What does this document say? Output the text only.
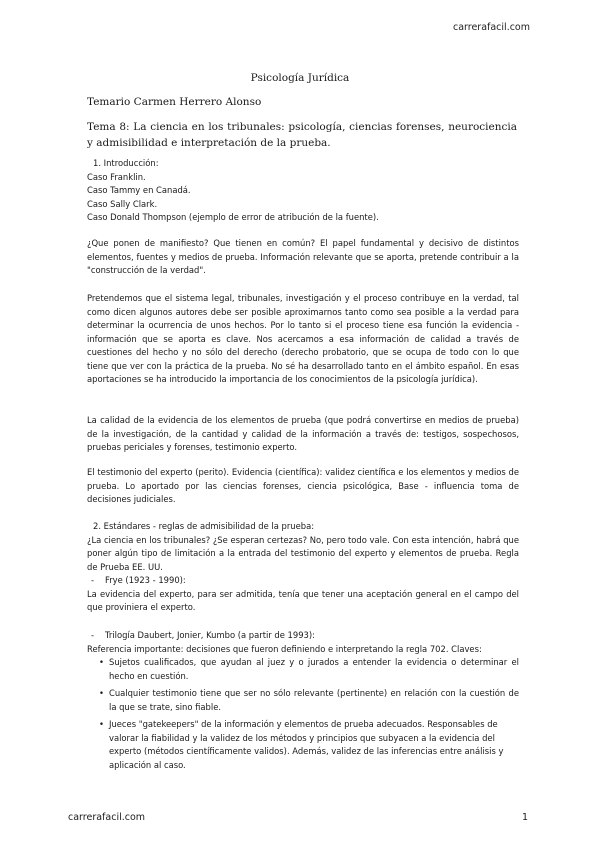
carrerafacil.com
Psicología Jurídica
Temario Carmen Herrero Alonso
Tema 8: La ciencia en los tribunales: psicología, ciencias forenses, neurociencia y admisibilidad e interpretación de la prueba.

1. Introducción:

Caso Franklin.

Caso Tammy en Canadá.

Caso Sally Clark.

Caso Donald Thompson (ejemplo de error de atribución de la fuente).

¿Que ponen de manifiesto? Que tienen en común? El papel fundamental y decisivo de distintos elementos, fuentes y medios de prueba. Información relevante que se aporta, pretende contribuir a la "construcción de la verdad".

Pretendemos que el sistema legal, tribunales, investigación y el proceso contribuye en la verdad, tal como dicen algunos autores debe ser posible aproximarnos tanto como sea posible a la verdad para determinar la ocurrencia de unos hechos. Por lo tanto si el proceso tiene esa función la evidencia - información que se aporta es clave. Nos acercamos a esa información de calidad a través de cuestiones del hecho y no sólo del derecho (derecho probatorio, que se ocupa de todo con lo que tiene que ver con la práctica de la prueba. No sé ha desarrollado tanto en el ámbito español. En esas aportaciones se ha introducido la importancia de los conocimientos de la psicología jurídica).

La calidad de la evidencia de los elementos de prueba (que podrá convertirse en medios de prueba) de la investigación, de la cantidad y calidad de la información a través de: testigos, sospechosos, pruebas periciales y forenses, testimonio experto.

El testimonio del experto (perito). Evidencia (científica): validez científica e los elementos y medios de prueba. Lo aportado por las ciencias forenses, ciencia psicológica, Base - influencia toma de decisiones judiciales.

2. Estándares - reglas de admisibilidad de la prueba:

¿La ciencia en los tribunales? ¿Se esperan certezas? No, pero todo vale. Con esta intención, habrá que poner algún tipo de limitación a la entrada del testimonio del experto y elementos de prueba. Regla de Prueba EE. UU.

- Frye (1923 - 1990):

La evidencia del experto, para ser admitida, tenía que tener una aceptación general en el campo del que proviniera el experto.

- Trilogía Daubert, Jonier, Kumbo (a partir de 1993):

Referencia importante: decisiones que fueron definiendo e interpretando la regla 702. Claves:

• Sujetos cualificados, que ayudan al juez y o jurados a entender la evidencia o determinar el hecho en cuestión.

• Cualquier testimonio tiene que ser no sólo relevante (pertinente) en relación con la cuestión de la que se trate, sino fiable.

• Jueces "gatekeepers" de la información y elementos de prueba adecuados. Responsables de valorar la fiabilidad y la validez de los métodos y principios que subyacen a la evidencia del experto (métodos científicamente validos). Además, validez de las inferencias entre análisis y aplicación al caso.

carrerafacil.com	1
